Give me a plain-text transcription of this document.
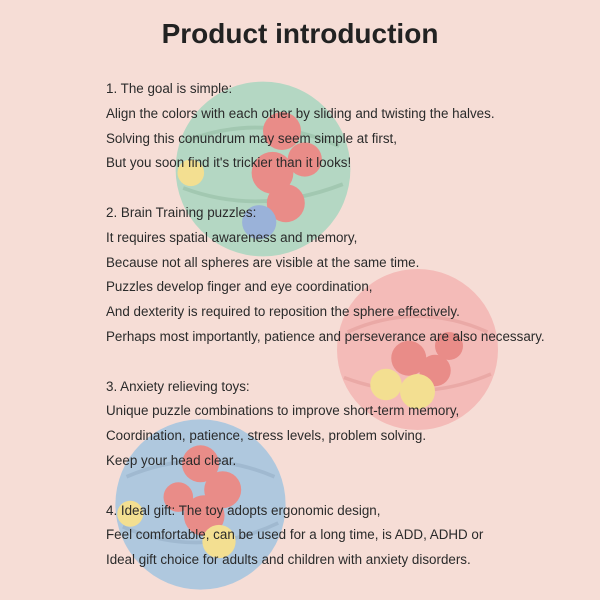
Product introduction
1. The goal is simple:
Align the colors with each other by sliding and twisting the halves.
Solving this conundrum may seem simple at first,
But you soon find it's trickier than it looks!
2. Brain Training puzzles:
It requires spatial awareness and memory,
Because not all spheres are visible at the same time.
Puzzles develop finger and eye coordination,
And dexterity is required to reposition the sphere effectively.
Perhaps most importantly, patience and perseverance are also necessary.
3. Anxiety relieving toys:
Unique puzzle combinations to improve short-term memory,
Coordination, patience, stress levels, problem solving.
Keep your head clear.
4. Ideal gift: The toy adopts ergonomic design,
Feel comfortable, can be used for a long time, is ADD, ADHD or
Ideal gift choice for adults and children with anxiety disorders.
